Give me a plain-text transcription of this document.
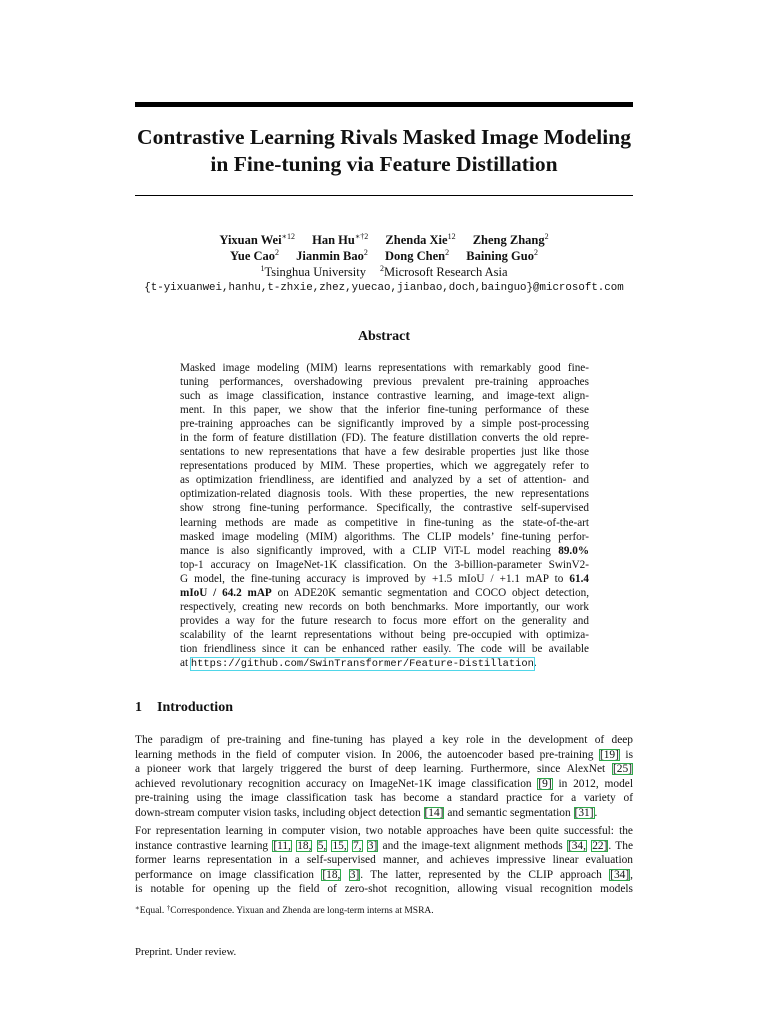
Contrastive Learning Rivals Masked Image Modeling
in Fine-tuning via Feature Distillation
Yixuan Wei$^{∗12}$ Han $Hu^{∗\dagger 2}$ Zhenda Xie$^{12}$ Zheng Zhang$^2$
Yue Cao$^2$ Jianmin Bao$^2$ Dong Chen$^2$ Baining Guo$^2$
$^1$Tsinghua University $^2$Microsoft Research Asia
{t-yixuanwei,hanhu,t-zhxie,zhez,yuecao,jianbao,doch,bainguo}@microsoft.com
Abstract
Masked image modeling (MIM) learns representations with remarkably good fine-
tuning performances, overshadowing previous prevalent pre-training approaches
such as image classification, instance contrastive learning, and image-text align-
ment. In this paper, we show that the inferior fine-tuning performance of these
pre-training approaches can be significantly improved by a simple post-processing
in the form of feature distillation (FD). The feature distillation converts the old repre-
sentations to new representations that have a few desirable properties just like those
representations produced by MIM. These properties, which we aggregately refer to
as optimization friendliness, are identified and analyzed by a set of attention- and
optimization-related diagnosis tools. With these properties, the new representations
show strong fine-tuning performance. Specifically, the contrastive self-supervised
learning methods are made as competitive in fine-tuning as the state-of-the-art
masked image modeling (MIM) algorithms. The CLIP models’ fine-tuning perfor-
mance is also significantly improved, with a CLIP ViT-L model reaching 89.0%
top-1 accuracy on ImageNet-1K classification. On the 3-billion-parameter SwinV2-
G model, the fine-tuning accuracy is improved by +1.5 mIoU / +1.1 mAP to 61.4
mIoU / 64.2 mAP on ADE20K semantic segmentation and COCO object detection,
respectively, creating new records on both benchmarks. More importantly, our work
provides a way for the future research to focus more effort on the generality and
scalability of the learnt representations without being pre-occupied with optimiza-
tion friendliness since it can be enhanced rather easily. The code will be available
at https://github.com/SwinTransformer/Feature-Distillation.
1 Introduction
The paradigm of pre-training and fine-tuning has played a key role in the development of deep
learning methods in the field of computer vision. In 2006, the autoencoder based pre-training [19] is
a pioneer work that largely triggered the burst of deep learning. Furthermore, since AlexNet [25]
achieved revolutionary recognition accuracy on ImageNet-1K image classification [9] in 2012, model
pre-training using the image classification task has become a standard practice for a variety of
down-stream computer vision tasks, including object detection [14] and semantic segmentation [31].
For representation learning in computer vision, two notable approaches have been quite successful: the
instance contrastive learning [11, 18, 5, 15, 7, 3] and the image-text alignment methods [34, 22]. The
former learns representation in a self-supervised manner, and achieves impressive linear evaluation
performance on image classification [18, 3]. The latter, represented by the CLIP approach [34],
is notable for opening up the field of zero-shot recognition, allowing visual recognition models
∗Equal. †Correspondence. Yixuan and Zhenda are long-term interns at MSRA.
Preprint. Under review.
